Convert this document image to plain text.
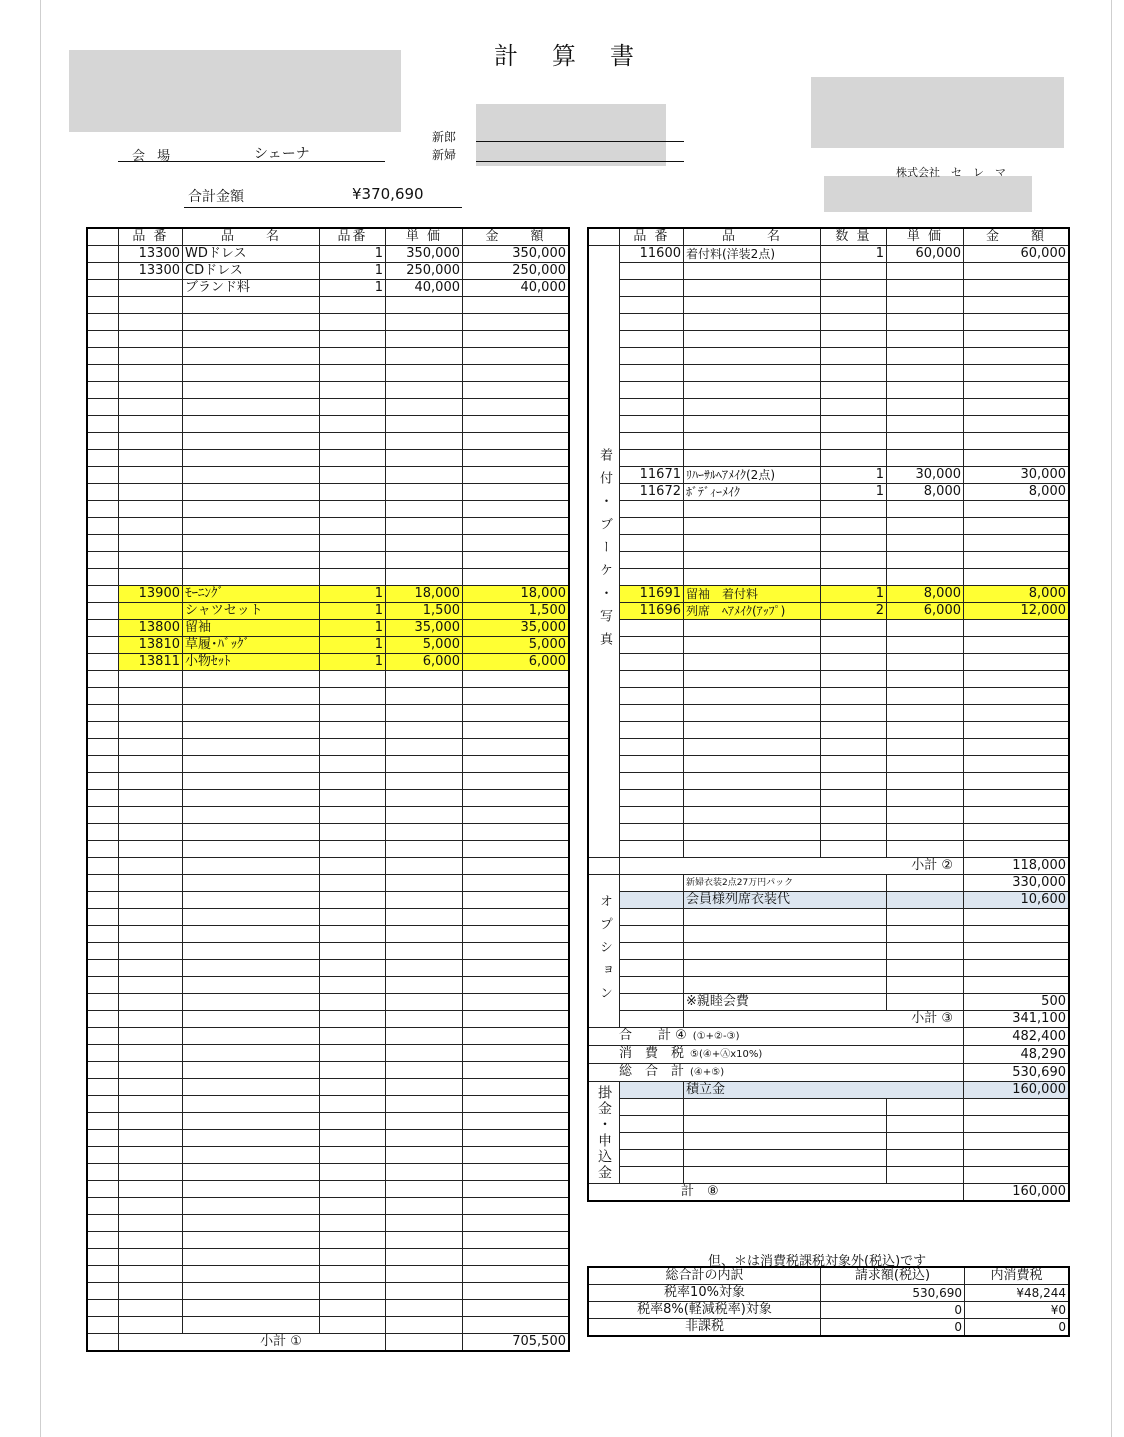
計算書
会 場	シェーナ
新郎
新婦
株式会社　セ　レ　マ
合計金額	¥370,690
	品 番	品　　名	品番	単 価	金　　額
	13300	WDドレス	1	350,000	350,000
	13300	CDドレス	1	250,000	250,000
		ブランド料	1	40,000	40,000

	13900	ﾓｰﾆﾝｸﾞ	1	18,000	18,000
		シャツセット	1	1,500	1,500
	13800	留袖	1	35,000	35,000
	13810	草履･ﾊﾞｯｸﾞ	1	5,000	5,000
	13811	小物ｾｯﾄ	1	6,000	6,000

	小計 ①				705,500
	品 番	品　　名	数 量	単 価	金　　額
着付・ブーケ・写真	11600	着付料(洋装2点)	1	60,000	60,000

	11671	ﾘﾊｰｻﾙﾍｱﾒｲｸ(2点)	1	30,000	30,000
	11672	ﾎﾞﾃﾞｨｰﾒｲｸ	1	8,000	8,000

	11691	留袖　着付料	1	8,000	8,000
	11696	列席　ﾍｱﾒｲｸ(ｱｯﾌﾟ)	2	6,000	12,000

	小計 ②				118,000
オプション		新婦衣装2点27万円パック			330,000
		会員様列席衣装代			10,600

		※親睦会費			500
		小計 ③			341,100
合　　計 ④ (①+②-③)					482,400
消　費　税 ⑤(④+Ⓐx10%)					48,290
総　合　計 (④+⑤)					530,690
掛金・申込金		積立金			160,000

計　⑧					160,000
但、＊は消費税課税対象外(税込)です
総合計の内訳	請求額(税込)	内消費税
税率10%対象	530,690	¥48,244
税率8%(軽減税率)対象	0	¥0
非課税	0	0
